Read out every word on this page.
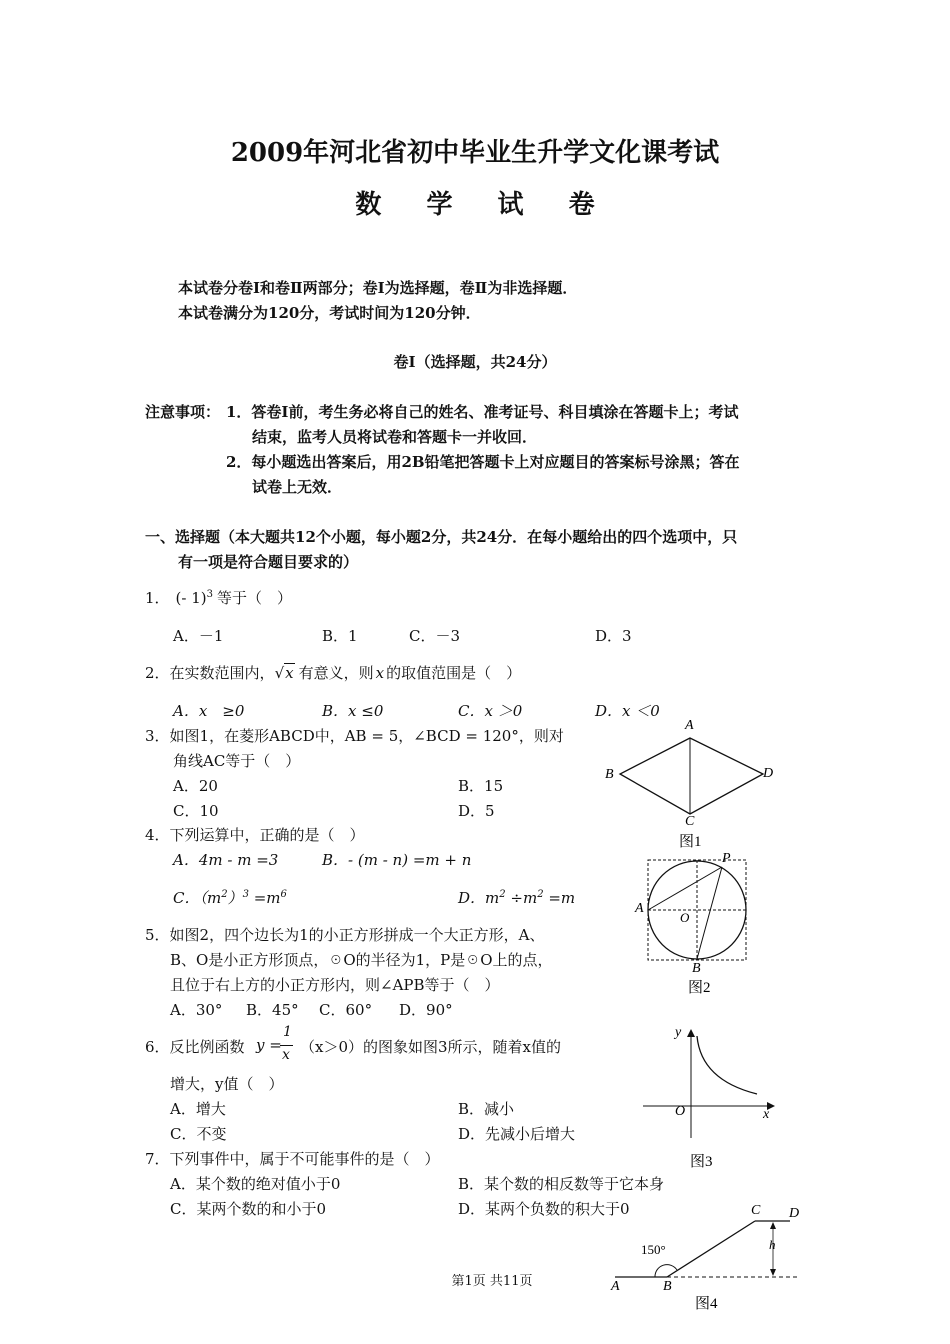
2009年河北省初中毕业生升学文化课考试
数 学 试 卷
本试卷分卷Ⅰ和卷Ⅱ两部分；卷Ⅰ为选择题，卷Ⅱ为非选择题．
本试卷满分为120分，考试时间为120分钟．
卷Ⅰ（选择题，共24分）
注意事项： 1．答卷Ⅰ前，考生务必将自己的姓名、准考证号、科目填涂在答题卡上；考试
结束，监考人员将试卷和答题卡一并收回．
2．每小题选出答案后，用2B铅笔把答题卡上对应题目的答案标号涂黑；答在
试卷上无效．
一、选择题（本大题共12个小题，每小题2分，共24分．在每小题给出的四个选项中，只
有一项是符合题目要求的）
1． (- 1)$^3$ 等于（　）
A．－1	B．1	C．－3	D．3
2．在实数范围内，√x 有意义，则 x 的取值范围是（　）
A．x　≥0	B．x ≤0	C．x ＞0	D．x ＜0
3．如图1，在菱形ABCD中，AB = 5，∠BCD = 120°，则对
角线AC等于（　）
A．20	B．15
C．10	D．5
4．下列运算中，正确的是（　）
A．4m - m =3	B．- (m - n) =m + n
C．$(m^2)^3 =m^6$	D．$m^2 \div m^2 =m$
5．如图2，四个边长为1的小正方形拼成一个大正方形，A、
B、O是小正方形顶点，☉O的半径为1，P是☉O上的点，
且位于右上方的小正方形内，则∠APB等于（　）
A．30° B．45° C．60° D．90°
6．反比例函数 y =
1
x （x＞0）的图象如图3所示，随着x值的
增大，y值（　）
A．增大	B．减小
C．不变	D．先减小后增大
7．下列事件中，属于不可能事件的是（　）
A．某个数的绝对值小于0	B．某个数的相反数等于它本身
C．某两个数的和小于0	D．某两个负数的积大于0
A
B
C
D
图1
P
A
O
B
图2
y
O	x
图3
150°
A	B
C D
h
图4
第1页 共11页
